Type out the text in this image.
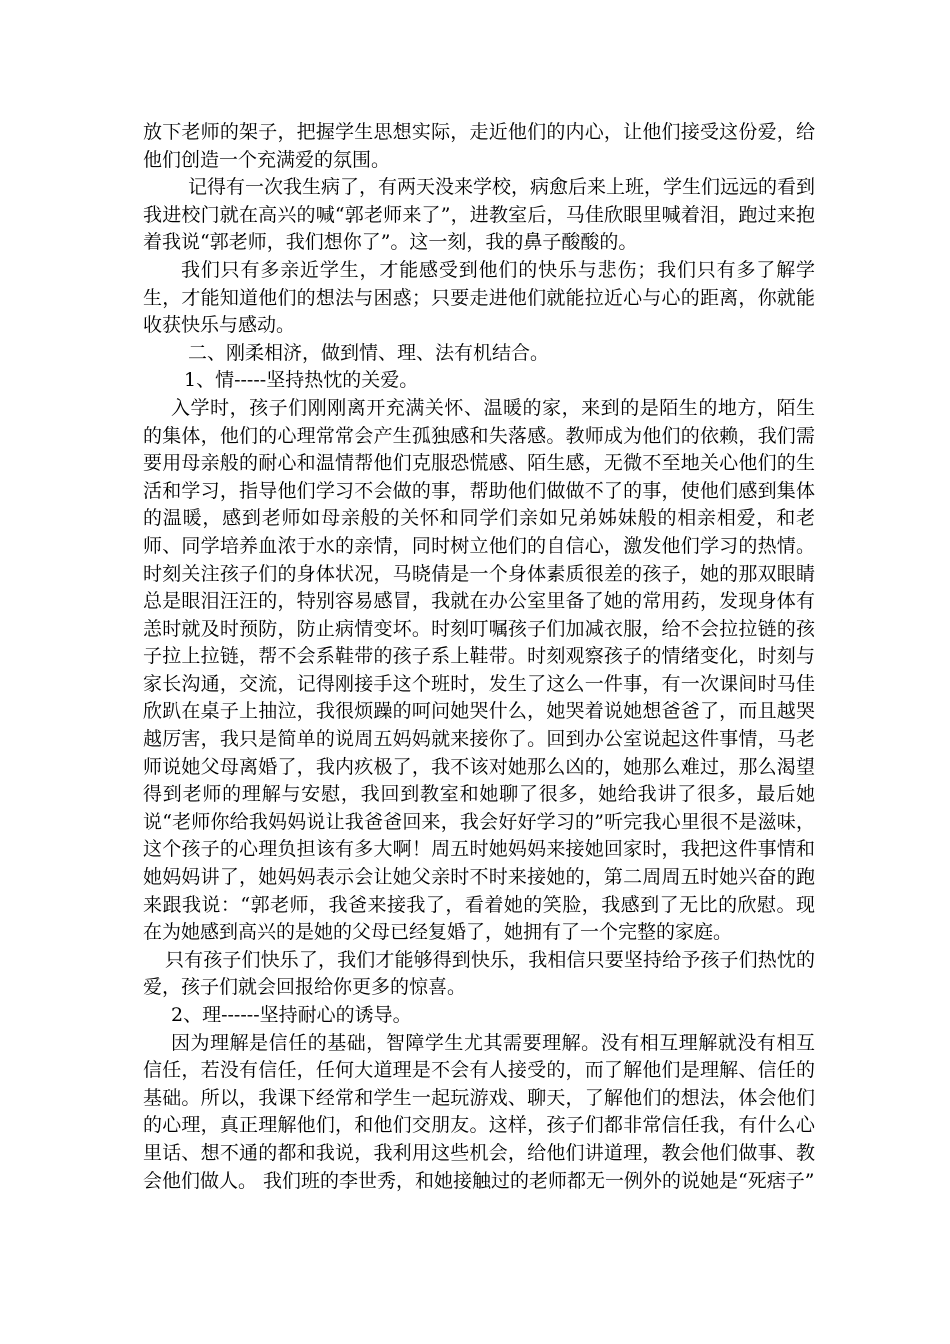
放下老师的架子，把握学生思想实际，走近他们的内心，让他们接受这份爱，给他们创造一个充满爱的氛围。

记得有一次我生病了，有两天没来学校，病愈后来上班，学生们远远的看到我进校门就在高兴的喊“郭老师来了”，进教室后，马佳欣眼里喊着泪，跑过来抱着我说“郭老师，我们想你了”。这一刻，我的鼻子酸酸的。

我们只有多亲近学生，才能感受到他们的快乐与悲伤；我们只有多了解学生，才能知道他们的想法与困惑；只要走进他们就能拉近心与心的距离，你就能收获快乐与感动。

二、刚柔相济，做到情、理、法有机结合。

1、情-----坚持热忱的关爱。

入学时，孩子们刚刚离开充满关怀、温暖的家，来到的是陌生的地方，陌生的集体，他们的心理常常会产生孤独感和失落感。教师成为他们的依赖，我们需要用母亲般的耐心和温情帮他们克服恐慌感、陌生感，无微不至地关心他们的生活和学习，指导他们学习不会做的事，帮助他们做做不了的事，使他们感到集体的温暖，感到老师如母亲般的关怀和同学们亲如兄弟姊妹般的相亲相爱，和老师、同学培养血浓于水的亲情，同时树立他们的自信心，激发他们学习的热情。时刻关注孩子们的身体状况，马晓倩是一个身体素质很差的孩子，她的那双眼睛总是眼泪汪汪的，特别容易感冒，我就在办公室里备了她的常用药，发现身体有恙时就及时预防，防止病情变坏。时刻叮嘱孩子们加减衣服，给不会拉拉链的孩子拉上拉链，帮不会系鞋带的孩子系上鞋带。时刻观察孩子的情绪变化，时刻与家长沟通，交流，记得刚接手这个班时，发生了这么一件事，有一次课间时马佳欣趴在桌子上抽泣，我很烦躁的呵问她哭什么，她哭着说她想爸爸了，而且越哭越厉害，我只是简单的说周五妈妈就来接你了。回到办公室说起这件事情，马老师说她父母离婚了，我内疚极了，我不该对她那么凶的，她那么难过，那么渴望得到老师的理解与安慰，我回到教室和她聊了很多，她给我讲了很多，最后她说“老师你给我妈妈说让我爸爸回来，我会好好学习的”听完我心里很不是滋味，这个孩子的心理负担该有多大啊！周五时她妈妈来接她回家时，我把这件事情和她妈妈讲了，她妈妈表示会让她父亲时不时来接她的，第二周周五时她兴奋的跑来跟我说：“郭老师，我爸来接我了，看着她的笑脸，我感到了无比的欣慰。现在为她感到高兴的是她的父母已经复婚了，她拥有了一个完整的家庭。

只有孩子们快乐了，我们才能够得到快乐，我相信只要坚持给予孩子们热忱的爱，孩子们就会回报给你更多的惊喜。

2、理------坚持耐心的诱导。

因为理解是信任的基础，智障学生尤其需要理解。没有相互理解就没有相互信任，若没有信任，任何大道理是不会有人接受的，而了解他们是理解、信任的基础。所以，我课下经常和学生一起玩游戏、聊天，了解他们的想法，体会他们的心理，真正理解他们，和他们交朋友。这样，孩子们都非常信任我，有什么心里话、想不通的都和我说，我利用这些机会，给他们讲道理，教会他们做事、教会他们做人。 我们班的李世秀，和她接触过的老师都无一例外的说她是“死痞子”
